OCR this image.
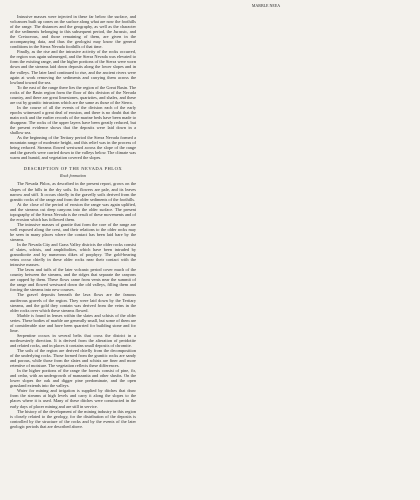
MARBLE NEEA

Intrusive masses were injected in these far below the surface, and volcanoes built up cones on the surface along what are now the foothills of the range. The distances and the geography, as well as the character of the sediments belonging to this subsequent period, the Jurassic, and the Cretaceous, and those remaining of them, are given in the accompanying data, and thus the geologist may know the general conditions in the Sierra Nevada foothills of that time.

Finally, as the rise and the intrusive activity of the rocks occurred, the region was again submerged, and the Sierra Nevada was elevated to form the existing range, and the higher portions of the Sierra were worn down and the streams laid down deposits along the lower slopes and in the valleys. The later land continued to rise, and the ancient rivers were again at work removing the sediments and carrying them across the lowland toward the sea.

To the east of the range there lies the region of the Great Basin. The rocks of the Basin region form the floor of this division of the Nevada country, and there are great limestones, quartzites, and shales, and these are cut by granitic intrusions which are the same as those of the Sierra.

In the course of all the events of the division each of the early epochs witnessed a great deal of erosion, and there is no doubt that the main rock and the earlier records of the marine beds have been made to disappear. The rocks of the upper layers have been greatly reduced, but the present evidence shows that the deposits were laid down in a shallow sea.

As the beginning of the Tertiary period the Sierra Nevada formed a mountain range of moderate height, and this relief was in the process of being reduced. Streams flowed westward across the slope of the range and the gravels were carried down to the valleys below. The climate was warm and humid, and vegetation covered the slopes.

DESCRIPTION OF THE NEVADA PHLOX
Rock formation

The Nevada Phlox, as described in the present report, grows on the slopes of the hills in the dry soils. Its flowers are pale, and its leaves narrow and stiff. It occurs chiefly in the gravelly soils derived from the granitic rocks of the range and from the older sediments of the foothills.

At the close of the period of erosion the range was again uplifted, and the streams cut deep canyons into the older surface. The present topography of the Sierra Nevada is the result of these movements and of the erosion which has followed them.

The intrusive masses of granite that form the core of the range are well exposed along the crest, and their relations to the older rocks may be seen in many places where the contact has been laid bare by the streams.

In the Nevada City and Grass Valley districts the older rocks consist of slates, schists, and amphibolites, which have been intruded by granodiorite and by numerous dikes of porphyry. The gold-bearing veins occur chiefly in these older rocks near their contact with the intrusive masses.

The lavas and tuffs of the later volcanic period cover much of the country between the streams, and the ridges that separate the canyons are capped by them. These flows came from vents near the summit of the range and flowed westward down the old valleys, filling them and forcing the streams into new courses.

The gravel deposits beneath the lava flows are the famous auriferous gravels of the region. They were laid down by the Tertiary streams, and the gold they contain was derived from the veins in the older rocks over which these streams flowed.

Marble is found in lenses within the slates and schists of the older series. These bodies of marble are generally small, but some of them are of considerable size and have been quarried for building stone and for lime.

Serpentine occurs in several belts that cross the district in a northwesterly direction. It is derived from the alteration of peridotite and related rocks, and in places it contains small deposits of chromite.

The soils of the region are derived chiefly from the decomposition of the underlying rocks. Those formed from the granitic rocks are sandy and porous, while those from the slates and schists are finer and more retentive of moisture. The vegetation reflects these differences.

In the higher portions of the range the forests consist of pine, fir, and cedar, with an undergrowth of manzanita and other shrubs. On the lower slopes the oak and digger pine predominate, and the open grassland extends into the valleys.

Water for mining and irrigation is supplied by ditches that draw from the streams at high levels and carry it along the slopes to the places where it is used. Many of these ditches were constructed in the early days of placer mining and are still in service.

The history of the development of the mining industry in this region is closely related to the geology, for the distribution of the deposits is controlled by the structure of the rocks and by the events of the later geologic periods that are described above.
